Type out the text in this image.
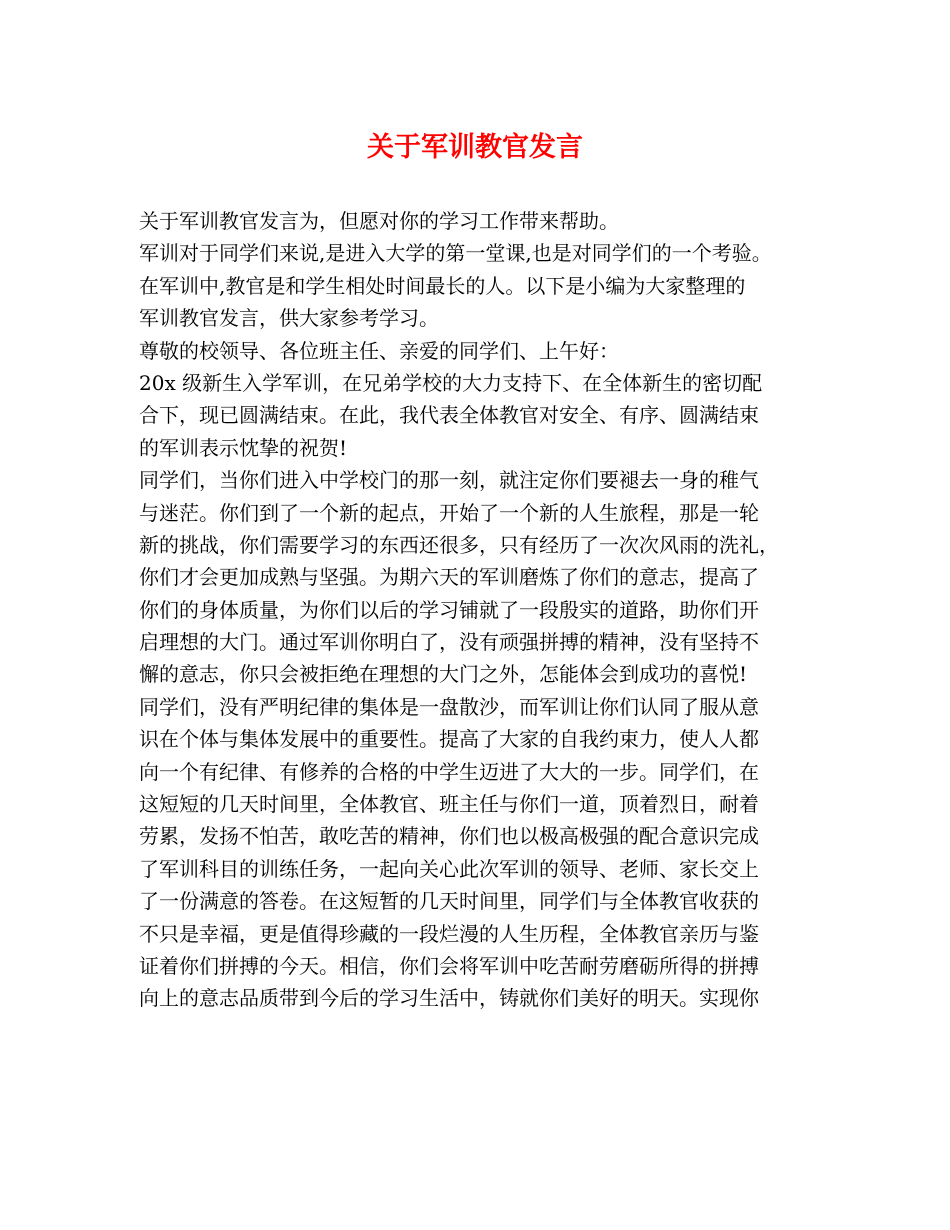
关于军训教官发言
关于军训教官发言为，但愿对你的学习工作带来帮助。
军训对于同学们来说,是进入大学的第一堂课,也是对同学们的一个考验。
在军训中,教官是和学生相处时间最长的人。以下是小编为大家整理的
军训教官发言，供大家参考学习。
尊敬的校领导、各位班主任、亲爱的同学们、上午好：
20x 级新生入学军训，在兄弟学校的大力支持下、在全体新生的密切配
合下，现已圆满结束。在此，我代表全体教官对安全、有序、圆满结束
的军训表示忱挚的祝贺!
同学们，当你们进入中学校门的那一刻，就注定你们要褪去一身的稚气
与迷茫。你们到了一个新的起点，开始了一个新的人生旅程，那是一轮
新的挑战，你们需要学习的东西还很多，只有经历了一次次风雨的洗礼，
你们才会更加成熟与坚强。为期六天的军训磨炼了你们的意志，提高了
你们的身体质量，为你们以后的学习铺就了一段殷实的道路，助你们开
启理想的大门。通过军训你明白了，没有顽强拼搏的精神，没有坚持不
懈的意志，你只会被拒绝在理想的大门之外，怎能体会到成功的喜悦!
同学们，没有严明纪律的集体是一盘散沙，而军训让你们认同了服从意
识在个体与集体发展中的重要性。提高了大家的自我约束力，使人人都
向一个有纪律、有修养的合格的中学生迈进了大大的一步。同学们，在
这短短的几天时间里，全体教官、班主任与你们一道，顶着烈日，耐着
劳累，发扬不怕苦，敢吃苦的精神，你们也以极高极强的配合意识完成
了军训科目的训练任务，一起向关心此次军训的领导、老师、家长交上
了一份满意的答卷。在这短暂的几天时间里，同学们与全体教官收获的
不只是幸福，更是值得珍藏的一段烂漫的人生历程，全体教官亲历与鉴
证着你们拼搏的今天。相信，你们会将军训中吃苦耐劳磨砺所得的拼搏
向上的意志品质带到今后的学习生活中，铸就你们美好的明天。实现你
